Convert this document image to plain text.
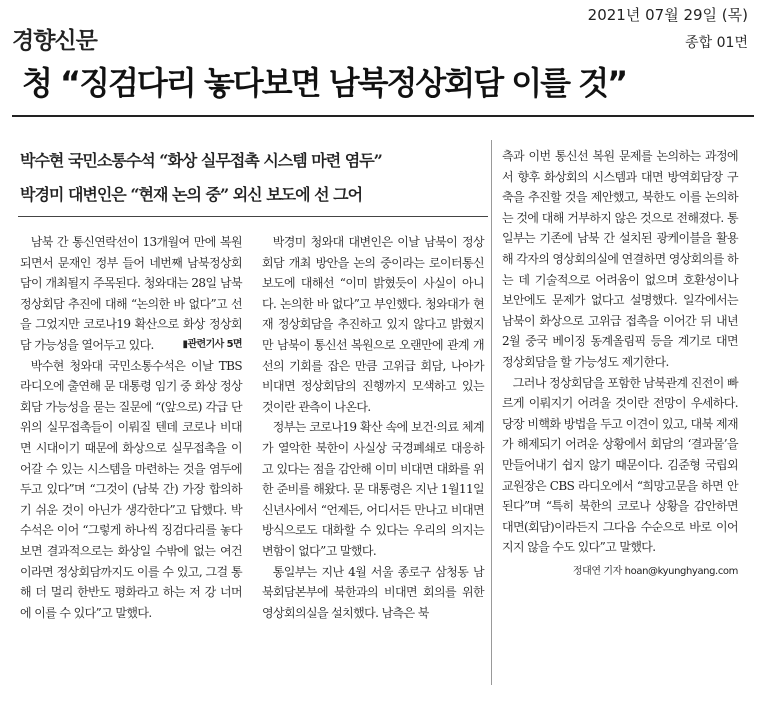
경향신문
2021년 07월 29일 (목)
종합 01면
청 “징검다리 놓다보면 남북정상회담 이를 것”
박수현 국민소통수석 “화상 실무접촉 시스템 마련 염두”
박경미 대변인은 “현재 논의 중” 외신 보도에 선 그어

남북 간 통신연락선이 13개월여 만에 복원되면서 문재인 정부 들어 네번째 남북정상회담이 개최될지 주목된다. 청와대는 28일 남북정상회담 추진에 대해 “논의한 바 없다”고 선을 그었지만 코로나19 확산으로 화상 정상회담 가능성을 열어두고 있다.	▮관련기사 5면

박수현 청와대 국민소통수석은 이날 TBS 라디오에 출연해 문 대통령 임기 중 화상 정상회담 가능성을 묻는 질문에 “(앞으로) 각급 단위의 실무접촉들이 이뤄질 텐데 코로나 비대면 시대이기 때문에 화상으로 실무접촉을 이어갈 수 있는 시스템을 마련하는 것을 염두에 두고 있다”며 “그것이 (남북 간) 가장 합의하기 쉬운 것이 아닌가 생각한다”고 답했다. 박 수석은 이어 “그렇게 하나씩 징검다리를 놓다 보면 결과적으로는 화상일 수밖에 없는 여건이라면 정상회담까지도 이를 수 있고, 그걸 통해 더 멀리 한반도 평화라고 하는 저 강 너머에 이를 수 있다”고 말했다.

박경미 청와대 대변인은 이날 남북이 정상회담 개최 방안을 논의 중이라는 로이터통신 보도에 대해선 “이미 밝혔듯이 사실이 아니다. 논의한 바 없다”고 부인했다. 청와대가 현재 정상회담을 추진하고 있지 않다고 밝혔지만 남북이 통신선 복원으로 오랜만에 관계 개선의 기회를 잡은 만큼 고위급 회담, 나아가 비대면 정상회담의 진행까지 모색하고 있는 것이란 관측이 나온다.

정부는 코로나19 확산 속에 보건·의료 체계가 열악한 북한이 사실상 국경폐쇄로 대응하고 있다는 점을 감안해 이미 비대면 대화를 위한 준비를 해왔다. 문 대통령은 지난 1월11일 신년사에서 “언제든, 어디서든 만나고 비대면 방식으로도 대화할 수 있다는 우리의 의지는 변함이 없다”고 말했다.

통일부는 지난 4월 서울 종로구 삼청동 남북회담본부에 북한과의 비대면 회의를 위한 영상회의실을 설치했다. 남측은 북

측과 이번 통신선 복원 문제를 논의하는 과정에서 향후 화상회의 시스템과 대면 방역회담장 구축을 추진할 것을 제안했고, 북한도 이를 논의하는 것에 대해 거부하지 않은 것으로 전해졌다. 통일부는 기존에 남북 간 설치된 광케이블을 활용해 각자의 영상회의실에 연결하면 영상회의를 하는 데 기술적으로 어려움이 없으며 호환성이나 보안에도 문제가 없다고 설명했다. 일각에서는 남북이 화상으로 고위급 접촉을 이어간 뒤 내년 2월 중국 베이징 동계올림픽 등을 계기로 대면 정상회담을 할 가능성도 제기한다.

그러나 정상회담을 포함한 남북관계 진전이 빠르게 이뤄지기 어려울 것이란 전망이 우세하다. 당장 비핵화 방법을 두고 이견이 있고, 대북 제재가 해제되기 어려운 상황에서 회담의 ‘결과물’을 만들어내기 쉽지 않기 때문이다. 김준형 국립외교원장은 CBS 라디오에서 “희망고문을 하면 안 된다”며 “특히 북한의 코로나 상황을 감안하면 대면(회담)이라든지 그다음 수순으로 바로 이어지지 않을 수도 있다”고 말했다.

정대연 기자 hoan@kyunghyang.com
